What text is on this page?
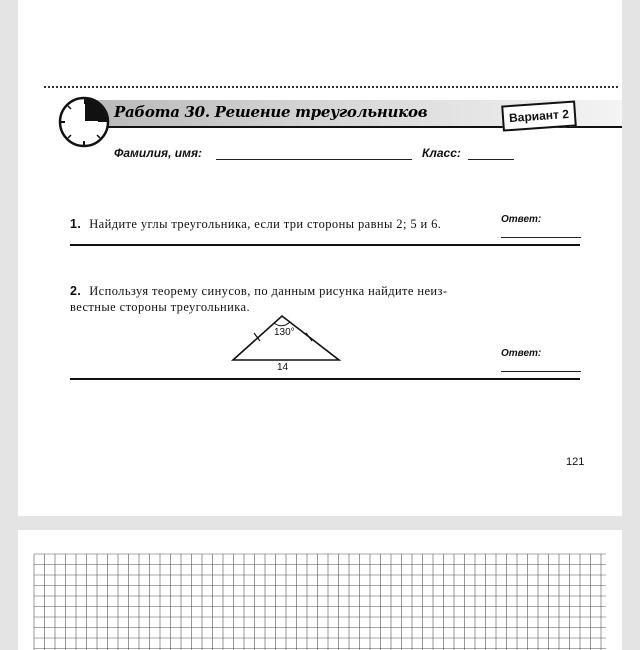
Работа 30. Решение треугольников	Вариант 2
Фамилия, имя:	Класс:
1. Найдите углы треугольника, если три стороны равны 2; 5 и 6.	Ответ:
2. Используя теорему синусов, по данным рисунка найдите неиз-
вестные стороны треугольника.
130°
14
Ответ:
121
